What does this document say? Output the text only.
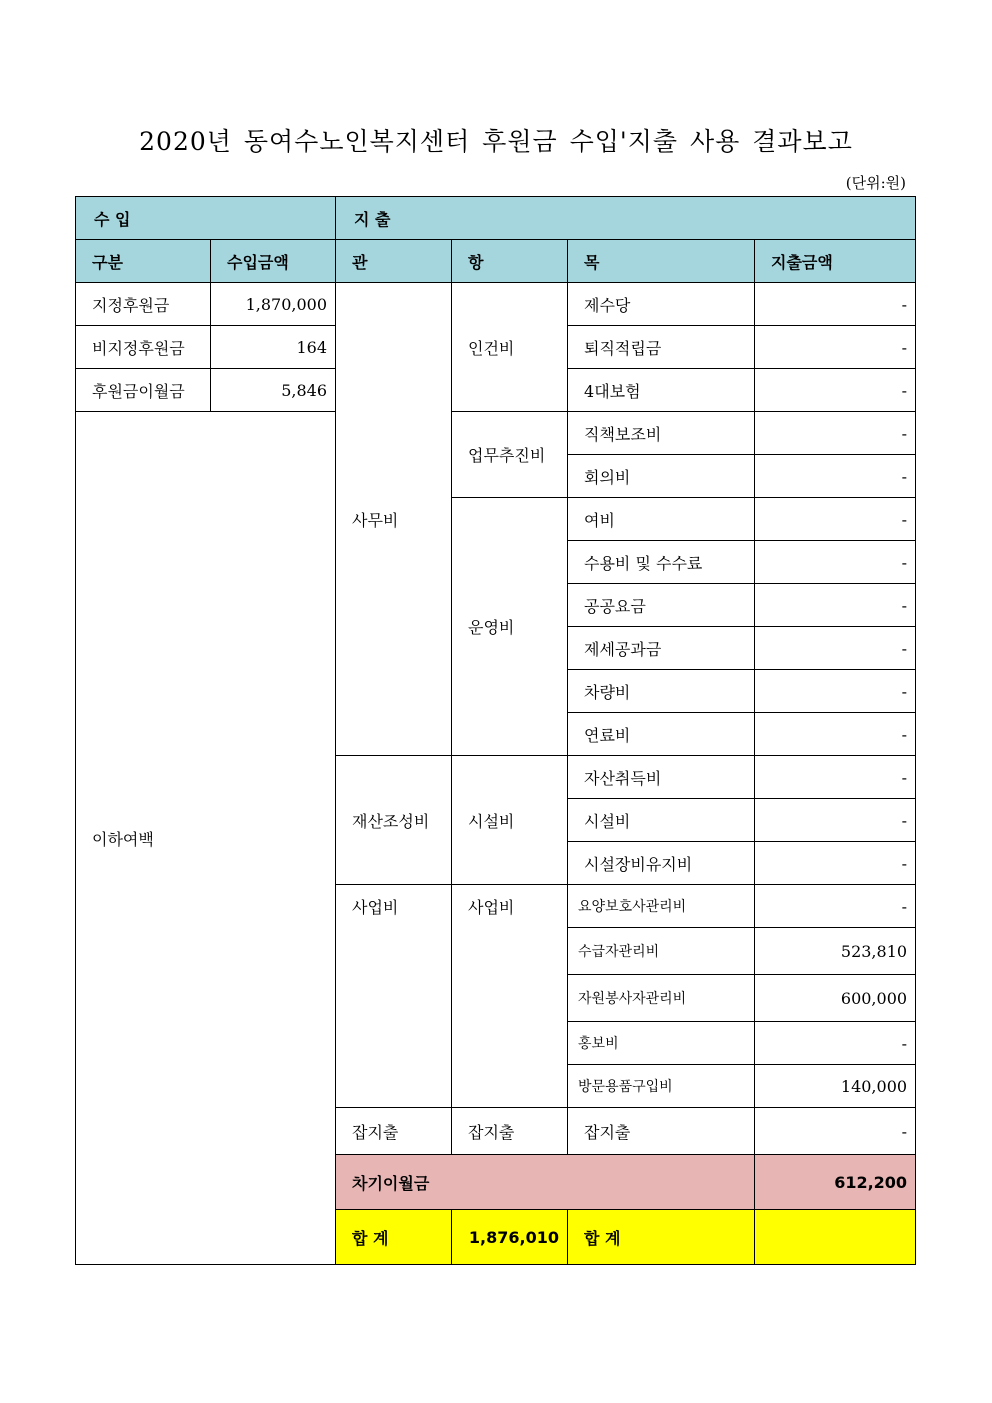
2020년 동여수노인복지센터 후원금 수입'지출 사용 결과보고
(단위:원)
수 입		지 출				
구분	수입금액	관	항	목	지출금액	
지정후원금	1,870,000	사무비	인건비	제수당	-	
비지정후원금	164			퇴직적립금	-	
후원금이월금	5,846			4대보험	-	
이하여백			업무추진비	직책보조비	-	
				회의비	-	
			운영비	여비	-	
				수용비 및 수수료	-	
				공공요금	-	
				제세공과금	-	
				차량비	-	
				연료비	-	
		재산조성비	시설비	자산취득비	-	
				시설비	-	
				시설장비유지비	-	
		사업비	사업비	요양보호사관리비	-	
				수급자관리비	523,810	
				자원봉사자관리비	600,000	
				홍보비	-	
				방문용품구입비	140,000	
		잡지출	잡지출	잡지출	-	
		차기이월금			612,200	
		합 계	1,876,010	합 계			
